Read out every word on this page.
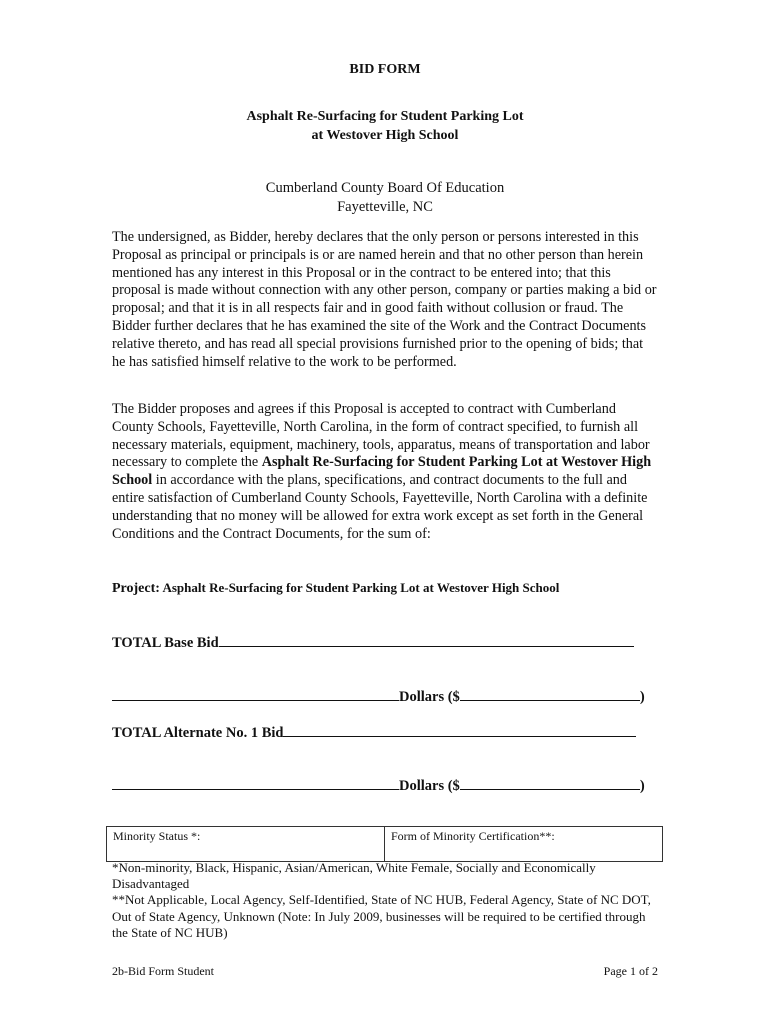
BID FORM
Asphalt Re-Surfacing for Student Parking Lot
at Westover High School
Cumberland County Board Of Education
Fayetteville, NC

The undersigned, as Bidder, hereby declares that the only person or persons interested in this Proposal as principal or principals is or are named herein and that no other person than herein mentioned has any interest in this Proposal or in the contract to be entered into; that this proposal is made without connection with any other person, company or parties making a bid or proposal; and that it is in all respects fair and in good faith without collusion or fraud. The Bidder further declares that he has examined the site of the Work and the Contract Documents relative thereto, and has read all special provisions furnished prior to the opening of bids; that he has satisfied himself relative to the work to be performed.

The Bidder proposes and agrees if this Proposal is accepted to contract with Cumberland County Schools, Fayetteville, North Carolina, in the form of contract specified, to furnish all necessary materials, equipment, machinery, tools, apparatus, means of transportation and labor necessary to complete the Asphalt Re-Surfacing for Student Parking Lot at Westover High School in accordance with the plans, specifications, and contract documents to the full and entire satisfaction of Cumberland County Schools, Fayetteville, North Carolina with a definite understanding that no money will be allowed for extra work except as set forth in the General Conditions and the Contract Documents, for the sum of:

Project: Asphalt Re-Surfacing for Student Parking Lot at Westover High School
TOTAL Base Bid
Dollars ($	)
TOTAL Alternate No. 1 Bid
Dollars ($	)
Minority Status *:	Form of Minority Certification**:

*Non-minority, Black, Hispanic, Asian/American, White Female, Socially and Economically Disadvantaged

**Not Applicable, Local Agency, Self-Identified, State of NC HUB, Federal Agency, State of NC DOT, Out of State Agency, Unknown (Note: In July 2009, businesses will be required to be certified through the State of NC HUB)

2b-Bid Form Student	Page 1 of 2
